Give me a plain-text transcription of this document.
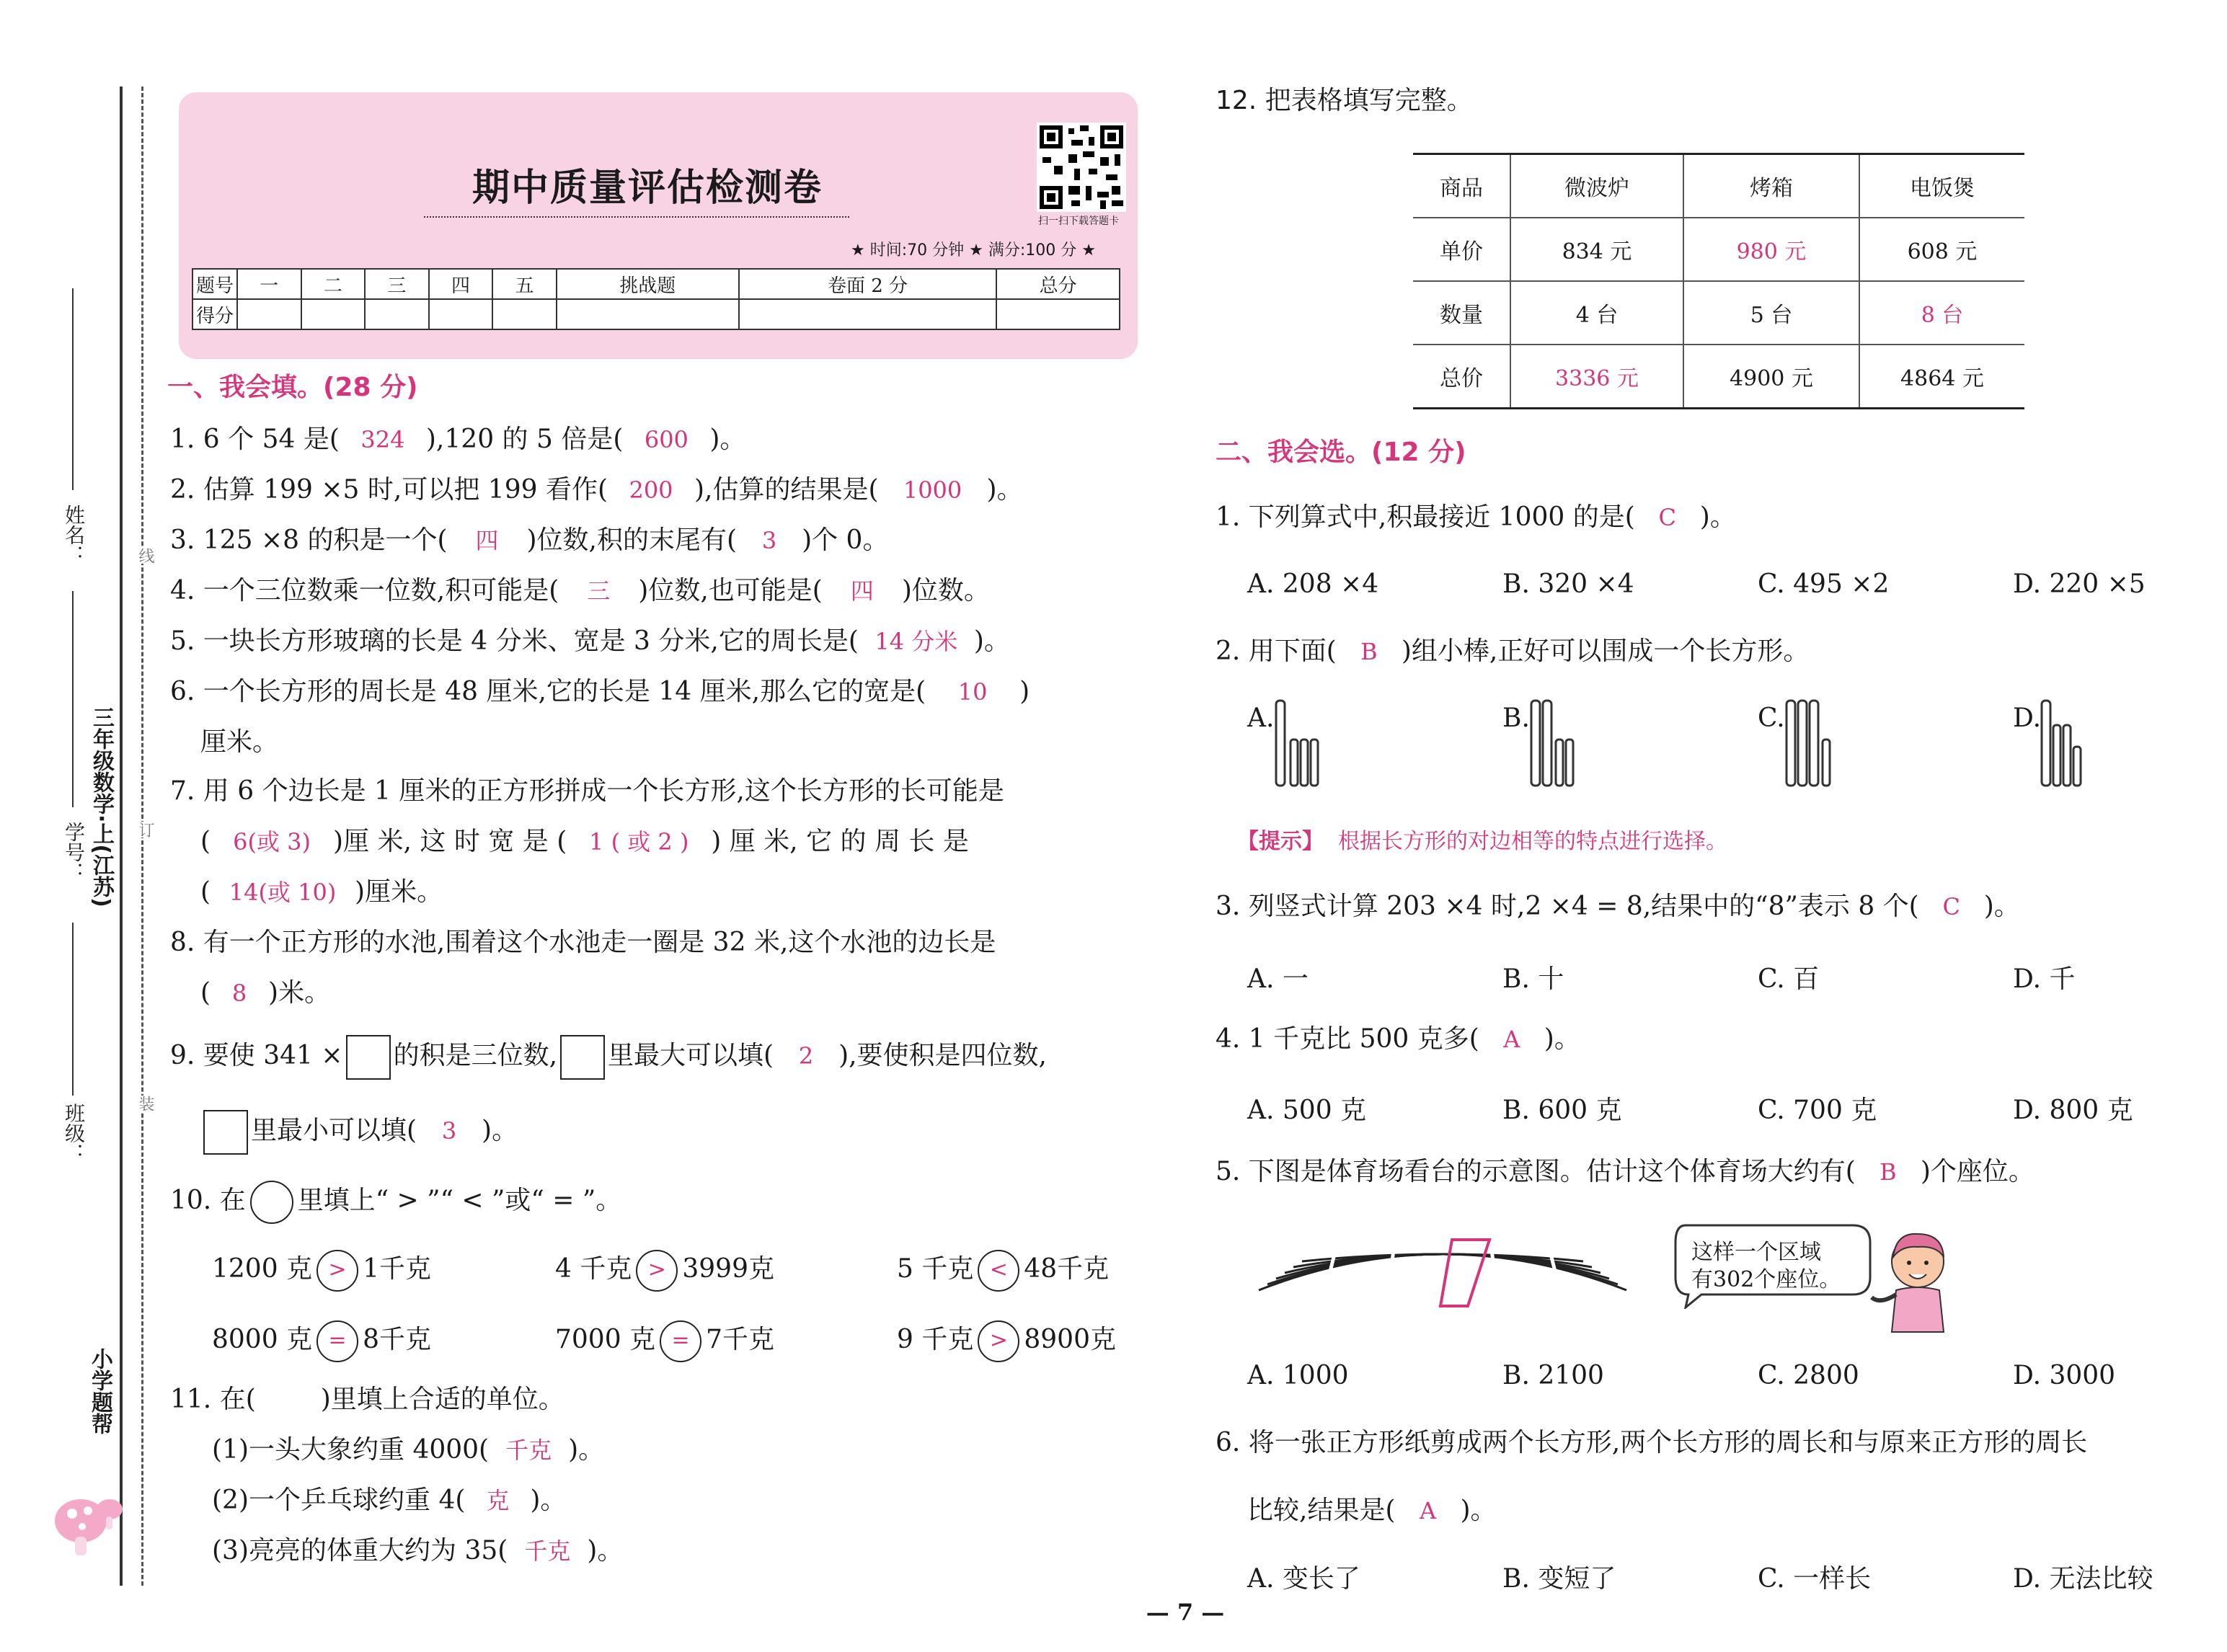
姓名：
学号： 三年级数学·上(江苏)
班级：
线
订
装
小学题帮
期中质量评估检测卷
扫一扫下载答题卡
★ 时间:70 分钟 ★ 满分:100 分 ★
题号	一	二	三	四	五	挑战题	卷面 2 分	总分
得分								
一、我会填。(28 分)
1. 6 个 54 是( 324 ),120 的 5 倍是( 600 )。
2. 估算 199 ×5 时,可以把 199 看作( 200 ),估算的结果是( 1000 )。
3. 125 ×8 的积是一个( 四 )位数,积的末尾有( 3 )个 0。
4. 一个三位数乘一位数,积可能是( 三 )位数,也可能是( 四 )位数。
5. 一块长方形玻璃的长是 4 分米、宽是 3 分米,它的周长是( 14 分米 )。
6. 一个长方形的周长是 48 厘米,它的长是 14 厘米,那么它的宽是( 10 )
厘米。
7. 用 6 个边长是 1 厘米的正方形拼成一个长方形,这个长方形的长可能是
( 6(或 3) )厘 米, 这 时 宽 是 ( 1 ( 或 2 ) ) 厘 米, 它 的 周 长 是
( 14(或 10) )厘米。
8. 有一个正方形的水池,围着这个水池走一圈是 32 米,这个水池的边长是
( 8 )米。
9. 要使 341 × 的积是三位数, 里最大可以填( 2 ),要使积是四位数,
里最小可以填( 3 )。
10. 在 里填上“ > ”“ < ”或“ = ”。
1200 克 > 1千克	4 千克 > 3999克	5 千克 < 48千克
8000 克 = 8千克	7000 克 = 7千克	9 千克 > 8900克
11. 在(	)里填上合适的单位。
(1)一头大象约重 4000( 千克 )。
(2)一个乒乓球约重 4( 克 )。
(3)亮亮的体重大约为 35( 千克 )。
12. 把表格填写完整。
商品	微波炉	烤箱	电饭煲
单价	834 元	980 元	608 元
数量	4 台	5 台	8 台
总价	3336 元	4900 元	4864 元
二、我会选。(12 分)
1. 下列算式中,积最接近 1000 的是( C )。
A. 208 ×4	B. 320 ×4	C. 495 ×2	D. 220 ×5
2. 用下面( B )组小棒,正好可以围成一个长方形。
A.	B.	C.	D.
【提示】 根据长方形的对边相等的特点进行选择。
3. 列竖式计算 203 ×4 时,2 ×4 = 8,结果中的“8”表示 8 个( C )。
A. 一	B. 十	C. 百	D. 千
4. 1 千克比 500 克多( A )。
A. 500 克	B. 600 克	C. 700 克	D. 800 克
5. 下图是体育场看台的示意图。估计这个体育场大约有( B )个座位。
这样一个区域
有302个座位。
A. 1000	B. 2100	C. 2800	D. 3000
6. 将一张正方形纸剪成两个长方形,两个长方形的周长和与原来正方形的周长
比较,结果是( A )。
A. 变长了	B. 变短了	C. 一样长	D. 无法比较
— 7 —
